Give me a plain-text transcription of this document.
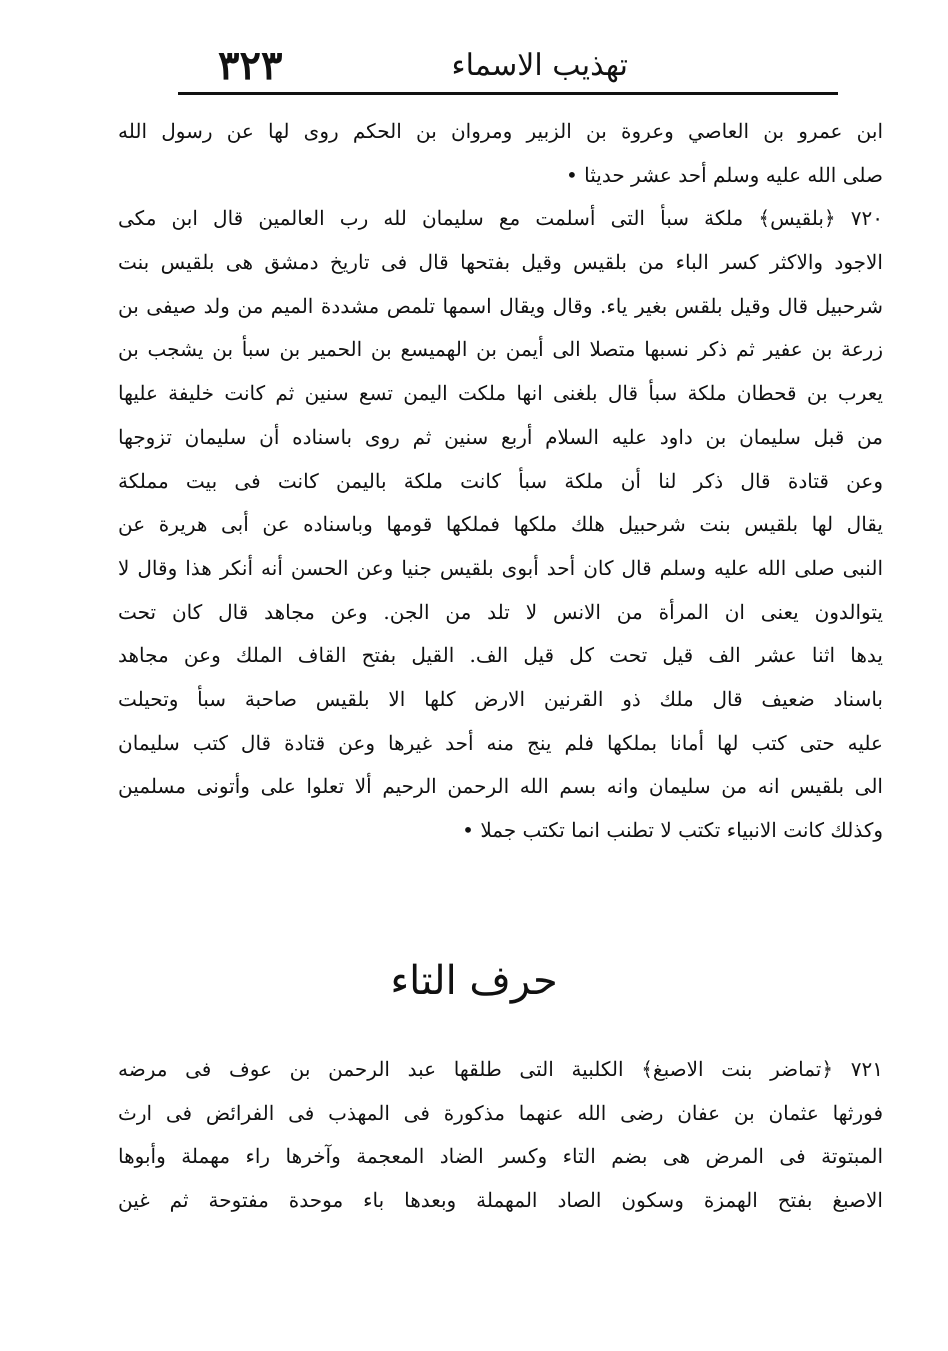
تهذيب الاسماء
٣٢٣
ابن عمرو بن العاصي وعروة بن الزبير ومروان بن الحكم روى لها عن رسول الله
صلى الله عليه وسلم أحد عشر حديثا •
٧٢٠ ﴿بلقيس﴾ ملكة سبأ التى أسلمت مع سليمان لله رب العالمين قال ابن مكى
الاجود والاكثر كسر الباء من بلقيس وقيل بفتحها قال فى تاريخ دمشق هى بلقيس بنت
شرحبيل قال وقيل بلقس بغير ياء. وقال ويقال اسمها تلمص مشددة الميم من ولد صيفى بن
زرعة بن عفير ثم ذكر نسبها متصلا الى أيمن بن الهميسع بن الحمير بن سبأ بن يشجب بن
يعرب بن قحطان ملكة سبأ قال بلغنى انها ملكت اليمن تسع سنين ثم كانت خليفة عليها
من قبل سليمان بن داود عليه السلام أربع سنين ثم روى باسناده أن سليمان تزوجها
وعن قتادة قال ذكر لنا أن ملكة سبأ كانت ملكة باليمن كانت فى بيت مملكة
يقال لها بلقيس بنت شرحبيل هلك ملكها فملكها قومها وباسناده عن أبى هريرة عن
النبى صلى الله عليه وسلم قال كان أحد أبوى بلقيس جنيا وعن الحسن أنه أنكر هذا وقال لا
يتوالدون يعنى ان المرأة من الانس لا تلد من الجن. وعن مجاهد قال كان تحت
يدها اثنا عشر الف قيل تحت كل قيل الف. القيل بفتح القاف الملك وعن مجاهد
باسناد ضعيف قال ملك ذو القرنين الارض كلها الا بلقيس صاحبة سبأ وتحيلت
عليه حتى كتب لها أمانا بملكها فلم ينج منه أحد غيرها وعن قتادة قال كتب سليمان
الى بلقيس انه من سليمان وانه بسم الله الرحمن الرحيم ألا تعلوا على وأتونى مسلمين
وكذلك كانت الانبياء تكتب لا تطنب انما تكتب جملا •
حرف التاء
٧٢١ ﴿تماضر بنت الاصبغ﴾ الكلبية التى طلقها عبد الرحمن بن عوف فى مرضه
فورثها عثمان بن عفان رضى الله عنهما مذكورة فى المهذب فى الفرائض فى ارث
المبتوتة فى المرض هى بضم التاء وكسر الضاد المعجمة وآخرها راء مهملة وأبوها
الاصبغ بفتح الهمزة وسكون الصاد المهملة وبعدها باء موحدة مفتوحة ثم غين
